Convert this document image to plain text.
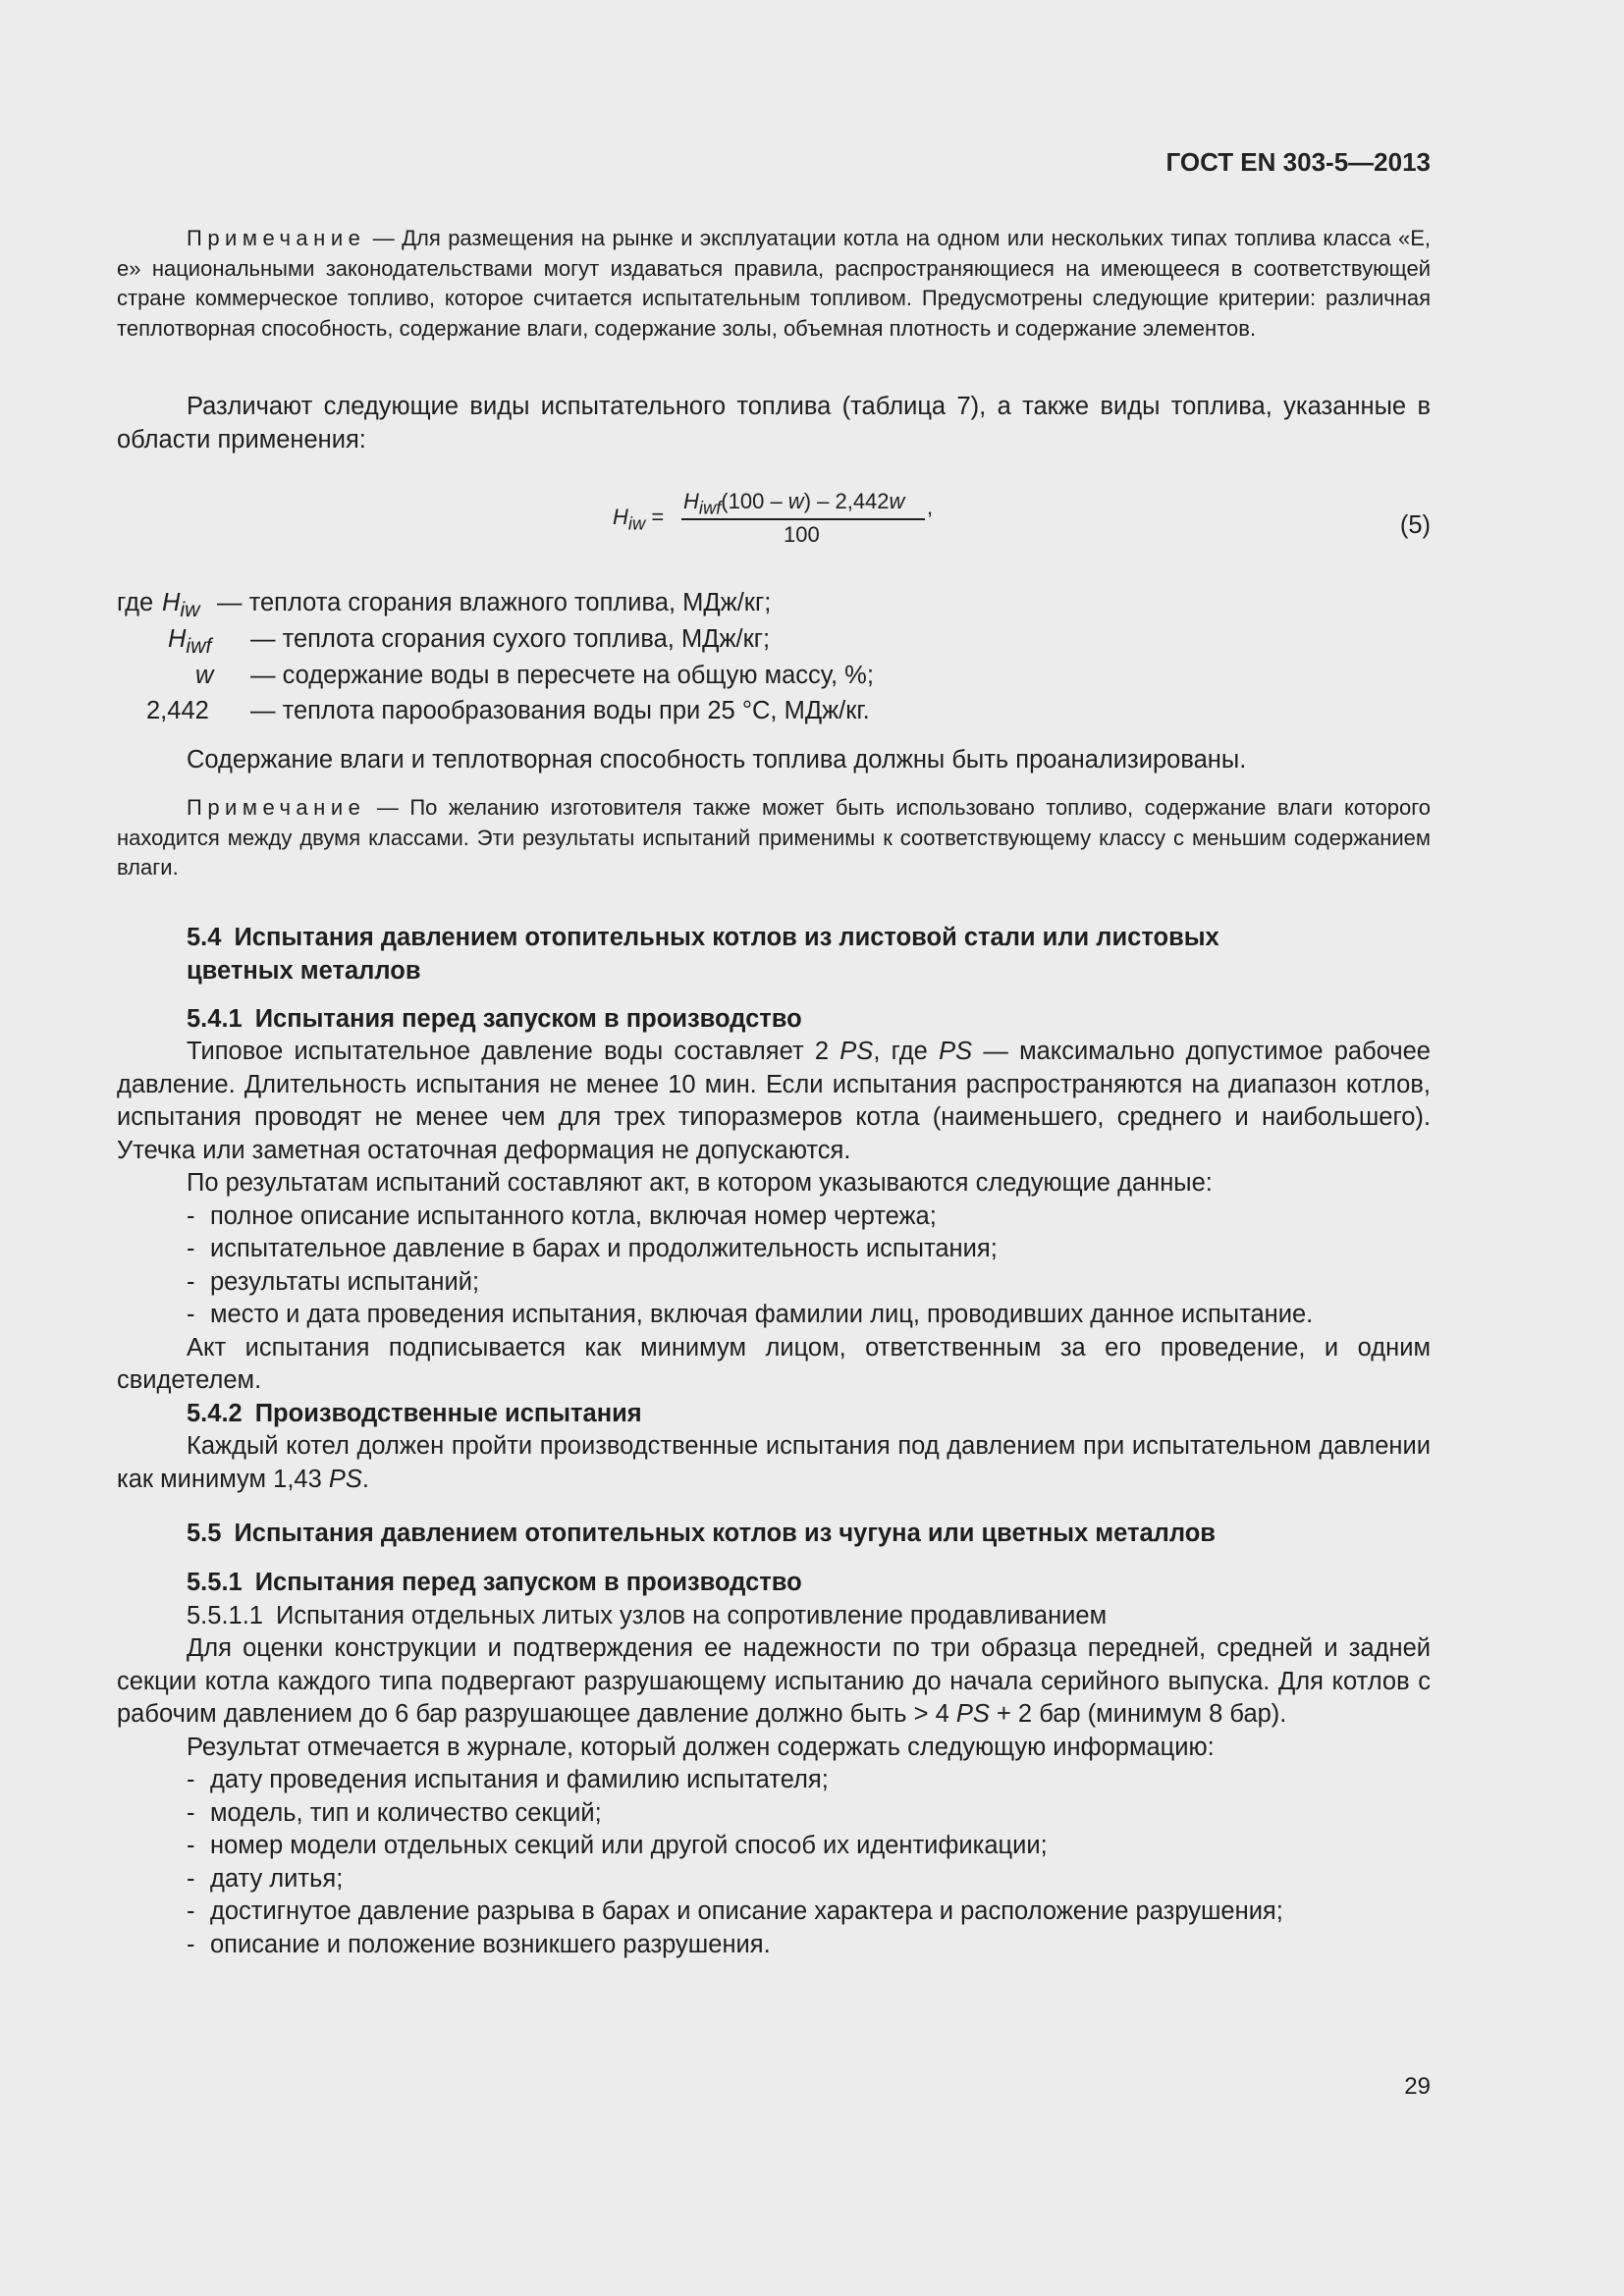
ГОСТ EN 303-5—2013

Примечание — Для размещения на рынке и эксплуатации котла на одном или нескольких типах топлива класса «E, e» национальными законодательствами могут издаваться правила, распространяющиеся на имеющееся в соответствующей стране коммерческое топливо, которое считается испытательным топливом. Предусмотрены следующие критерии: различная теплотворная способность, содержание влаги, содержание золы, объемная плотность и содержание элементов.

Различают следующие виды испытательного топлива (таблица 7), а также виды топлива, указанные в области применения:

$H_{iw}$ =
$H_{iwf}(100 - w) - 2,442w$
100
,
(5)
где $H_{iw}$ — теплота сгорания влажного топлива, МДж/кг;
$H_{iwf}$ — теплота сгорания сухого топлива, МДж/кг;
w — содержание воды в пересчете на общую массу, %;
2,442 — теплота парообразования воды при 25 °С, МДж/кг.

Содержание влаги и теплотворная способность топлива должны быть проанализированы.

Примечание — По желанию изготовителя также может быть использовано топливо, содержание влаги которого находится между двумя классами. Эти результаты испытаний применимы к соответствующему классу с меньшим содержанием влаги.

5.4 Испытания давлением отопительных котлов из листовой стали или листовых цветных металлов

5.4.1 Испытания перед запуском в производство

Типовое испытательное давление воды составляет 2 PS, где PS — максимально допустимое рабочее давление. Длительность испытания не менее 10 мин. Если испытания распространяются на диапазон котлов, испытания проводят не менее чем для трех типоразмеров котла (наименьшего, среднего и наибольшего). Утечка или заметная остаточная деформация не допускаются.

По результатам испытаний составляют акт, в котором указываются следующие данные:

- полное описание испытанного котла, включая номер чертежа;
- испытательное давление в барах и продолжительность испытания;
- результаты испытаний;
- место и дата проведения испытания, включая фамилии лиц, проводивших данное испытание.

Акт испытания подписывается как минимум лицом, ответственным за его проведение, и одним свидетелем.

5.4.2 Производственные испытания

Каждый котел должен пройти производственные испытания под давлением при испытательном давлении как минимум 1,43 PS.

5.5 Испытания давлением отопительных котлов из чугуна или цветных металлов

5.5.1 Испытания перед запуском в производство

5.5.1.1 Испытания отдельных литых узлов на сопротивление продавливанием

Для оценки конструкции и подтверждения ее надежности по три образца передней, средней и задней секции котла каждого типа подвергают разрушающему испытанию до начала серийного выпуска. Для котлов с рабочим давлением до 6 бар разрушающее давление должно быть > 4 PS + 2 бар (минимум 8 бар).

Результат отмечается в журнале, который должен содержать следующую информацию:

- дату проведения испытания и фамилию испытателя;
- модель, тип и количество секций;
- номер модели отдельных секций или другой способ их идентификации;
- дату литья;
- достигнутое давление разрыва в барах и описание характера и расположение разрушения;
- описание и положение возникшего разрушения.
29
